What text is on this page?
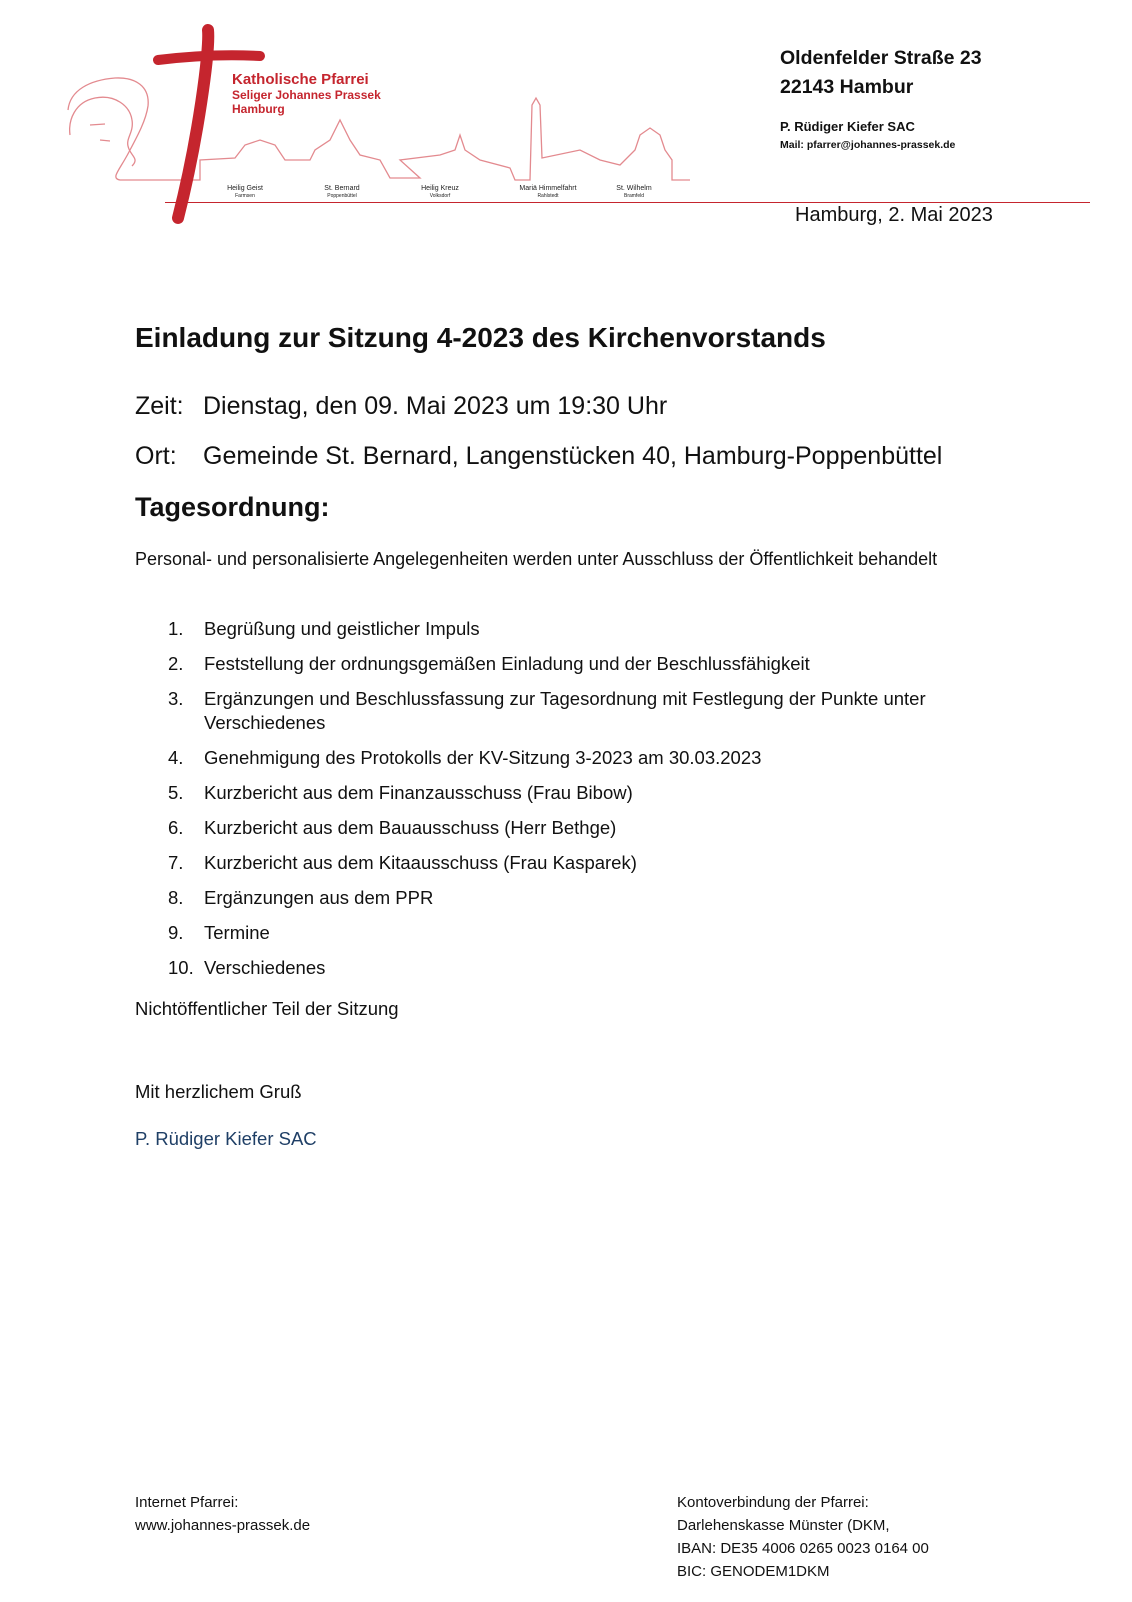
Katholische Pfarrei
Seliger Johannes Prassek
Hamburg
Heilig Geist
Farmsen
St. Bernard
Poppenbüttel
Heilig Kreuz
Volksdorf
Mariä Himmelfahrt
Rahlstedt
St. Wilhelm
Bramfeld
Oldenfelder Straße 23
22143 Hambur
P. Rüdiger Kiefer SAC
Mail: pfarrer@johannes-prassek.de
Hamburg, 2. Mai 2023
Einladung zur Sitzung 4-2023 des Kirchenvorstands
Zeit: Dienstag, den 09. Mai 2023 um 19:30 Uhr
Ort: Gemeinde St. Bernard, Langenstücken 40, Hamburg-Poppenbüttel
Tagesordnung:
Personal- und personalisierte Angelegenheiten werden unter Ausschluss der Öffentlichkeit behandelt
1. Begrüßung und geistlicher Impuls
2. Feststellung der ordnungsgemäßen Einladung und der Beschlussfähigkeit
3. Ergänzungen und Beschlussfassung zur Tagesordnung mit Festlegung der Punkte unter Verschiedenes
4. Genehmigung des Protokolls der KV-Sitzung 3-2023 am 30.03.2023
5. Kurzbericht aus dem Finanzausschuss (Frau Bibow)
6. Kurzbericht aus dem Bauausschuss (Herr Bethge)
7. Kurzbericht aus dem Kitaausschuss (Frau Kasparek)
8. Ergänzungen aus dem PPR
9. Termine
10. Verschiedenes
Nichtöffentlicher Teil der Sitzung
Mit herzlichem Gruß
P. Rüdiger Kiefer SAC
Internet Pfarrei:
www.johannes-prassek.de
Kontoverbindung der Pfarrei:
Darlehenskasse Münster (DKM,
IBAN: DE35 4006 0265 0023 0164 00
BIC: GENODEM1DKM
